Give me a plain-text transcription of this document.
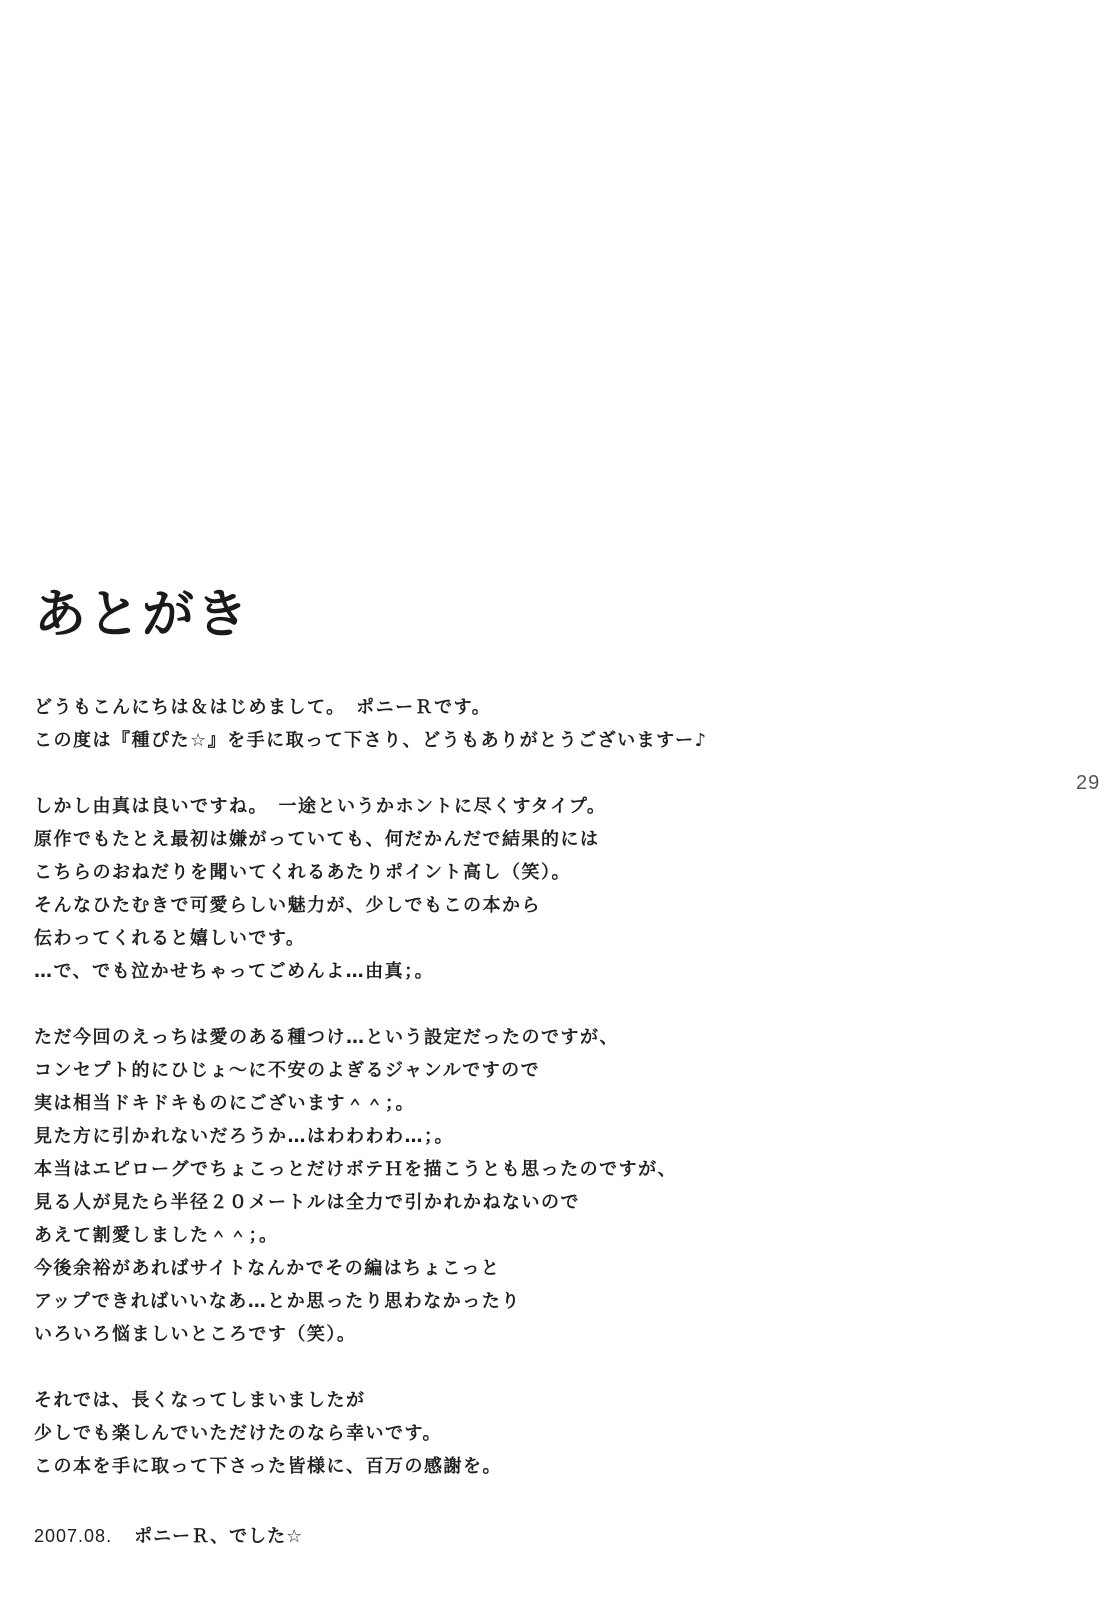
29
あとがき
どうもこんにちは＆はじめまして。　ポニーＲです。
この度は『種ぴた☆』を手に取って下さり、どうもありがとうございますー♪
しかし由真は良いですね。　一途というかホントに尽くすタイプ。
原作でもたとえ最初は嫌がっていても、何だかんだで結果的には
こちらのおねだりを聞いてくれるあたりポイント高し（笑）。
そんなひたむきで可愛らしい魅力が、少しでもこの本から
伝わってくれると嬉しいです。
…で、でも泣かせちゃってごめんよ…由真；。
ただ今回のえっちは愛のある種つけ…という設定だったのですが、
コンセプト的にひじょ～に不安のよぎるジャンルですので
実は相当ドキドキものにございます＾＾；。
見た方に引かれないだろうか…はわわわわ…；。
本当はエピローグでちょこっとだけボテＨを描こうとも思ったのですが、
見る人が見たら半径２０メートルは全力で引かれかねないので
あえて割愛しました＾＾；。
今後余裕があればサイトなんかでその編はちょこっと
アップできればいいなあ…とか思ったり思わなかったり
いろいろ悩ましいところです（笑）。
それでは、長くなってしまいましたが
少しでも楽しんでいただけたのなら幸いです。
この本を手に取って下さった皆様に、百万の感謝を。
2007.08. ポニーＲ、でした☆
